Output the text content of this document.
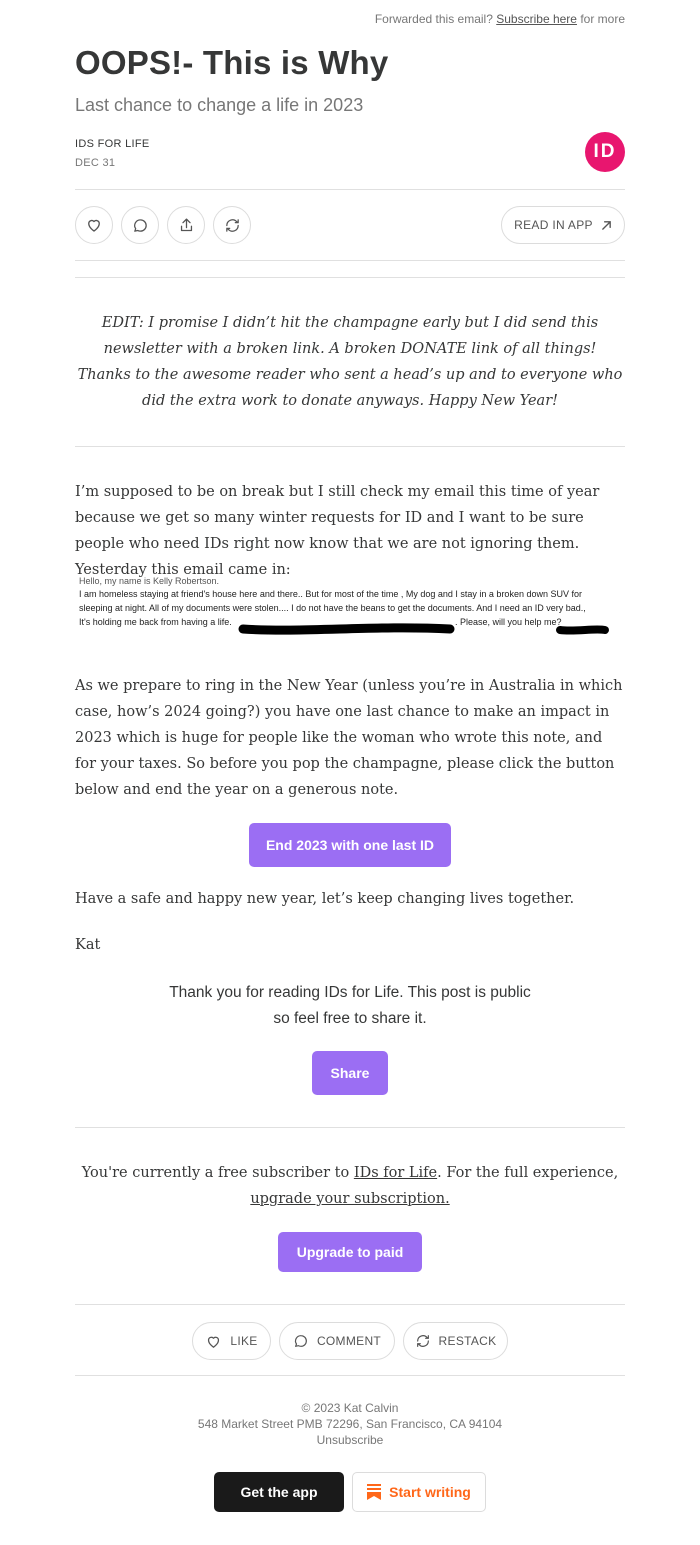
Forwarded this email? Subscribe here for more
OOPS!- This is Why
Last chance to change a life in 2023
IDS FOR LIFE
DEC 31
ID
READ IN APP
EDIT: I promise I didn’t hit the champagne early but I did send this newsletter with a broken link. A broken DONATE link of all things! Thanks to the awesome reader who sent a head’s up and to everyone who did the extra work to donate anyways. Happy New Year!
I’m supposed to be on break but I still check my email this time of year because we get so many winter requests for ID and I want to be sure people who need IDs right now know that we are not ignoring them. Yesterday this email came in:
Hello, my name is Kelly Robertson.
I am homeless staying at friend's house here and there.. But for most of the time , My dog and I stay in a broken down SUV for
sleeping at night. All of my documents were stolen.... I do not have the beans to get the documents. And I need an ID very bad.,
It's holding me back from having a life.	. Please, will you help me?
As we prepare to ring in the New Year (unless you’re in Australia in which case, how’s 2024 going?) you have one last chance to make an impact in 2023 which is huge for people like the woman who wrote this note, and for your taxes. So before you pop the champagne, please click the button below and end the year on a generous note.
End 2023 with one last ID
Have a safe and happy new year, let’s keep changing lives together.
Kat
Thank you for reading IDs for Life. This post is public
so feel free to share it.
Share
You're currently a free subscriber to IDs for Life. For the full experience,
upgrade your subscription.
Upgrade to paid
LIKE	COMMENT	RESTACK
© 2023 Kat Calvin
548 Market Street PMB 72296, San Francisco, CA 94104
Unsubscribe
Get the app	Start writing
